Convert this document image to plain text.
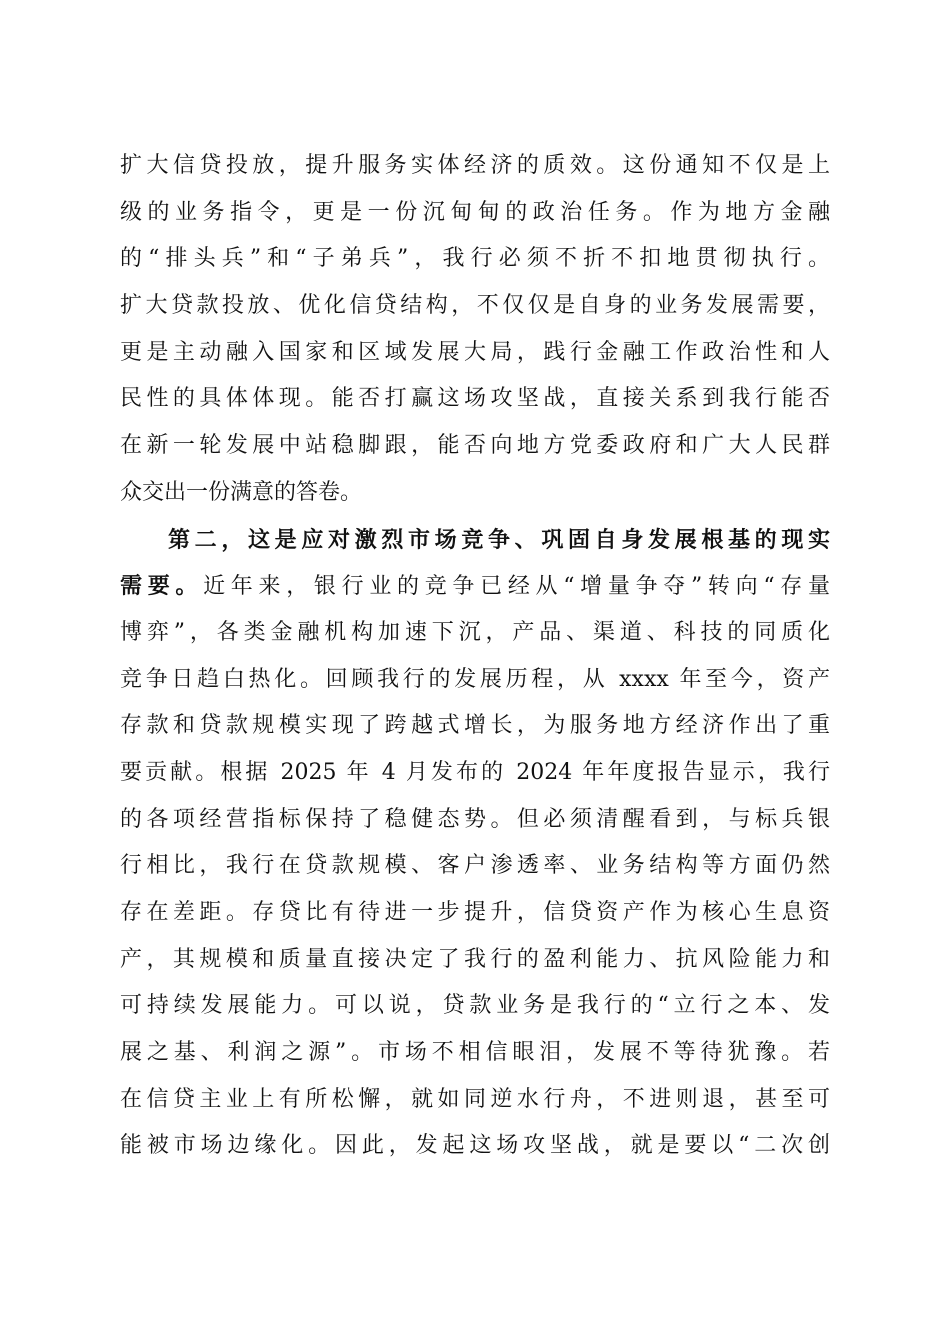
扩大信贷投放，提升服务实体经济的质效。这份通知不仅是上
级的业务指令，更是一份沉甸甸的政治任务。作为地方金融
的“排头兵”和“子弟兵”，我行必须不折不扣地贯彻执行。
扩大贷款投放、优化信贷结构，不仅仅是自身的业务发展需要，
更是主动融入国家和区域发展大局，践行金融工作政治性和人
民性的具体体现。能否打赢这场攻坚战，直接关系到我行能否
在新一轮发展中站稳脚跟，能否向地方党委政府和广大人民群
众交出一份满意的答卷。
第二，这是应对激烈市场竞争、巩固自身发展根基的现实
需要。近年来，银行业的竞争已经从“增量争夺”转向“存量
博弈”，各类金融机构加速下沉，产品、渠道、科技的同质化
竞争日趋白热化。回顾我行的发展历程，从 xxxx 年至今，资产
存款和贷款规模实现了跨越式增长，为服务地方经济作出了重
要贡献。根据 2025 年 4 月发布的 2024 年年度报告显示，我行
的各项经营指标保持了稳健态势。但必须清醒看到，与标兵银
行相比，我行在贷款规模、客户渗透率、业务结构等方面仍然
存在差距。存贷比有待进一步提升，信贷资产作为核心生息资
产，其规模和质量直接决定了我行的盈利能力、抗风险能力和
可持续发展能力。可以说，贷款业务是我行的“立行之本、发
展之基、利润之源”。市场不相信眼泪，发展不等待犹豫。若
在信贷主业上有所松懈，就如同逆水行舟，不进则退，甚至可
能被市场边缘化。因此，发起这场攻坚战，就是要以“二次创
